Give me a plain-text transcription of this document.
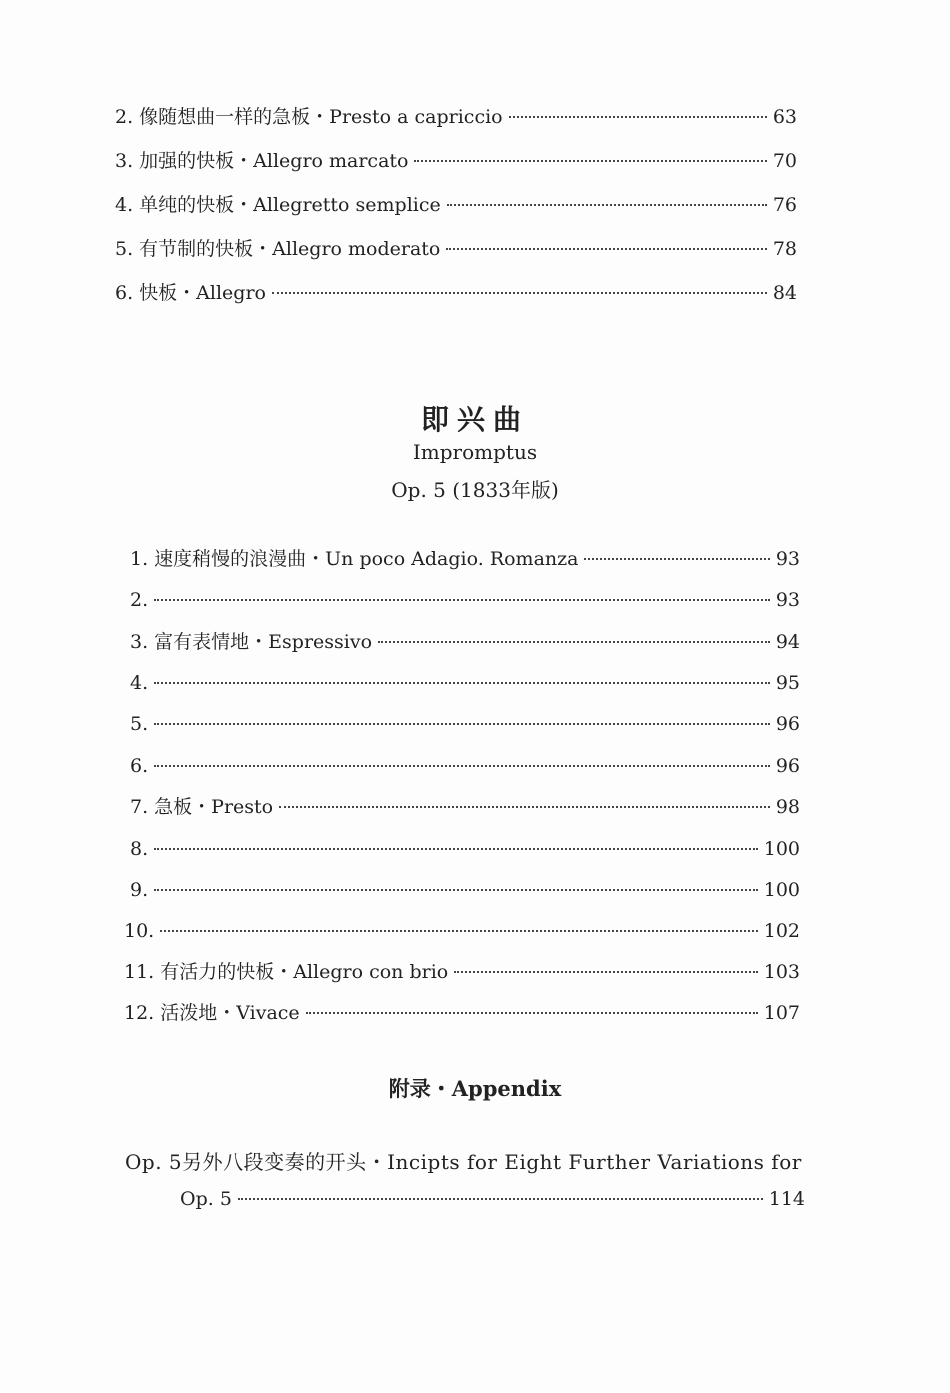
2. 像随想曲一样的急板・Presto a capriccio	63
3. 加强的快板・Allegro marcato	70
4. 单纯的快板・Allegretto semplice	76
5. 有节制的快板・Allegro moderato	78
6. 快板・Allegro	84
即兴曲
Impromptus
Op. 5 (1833年版)
1. 速度稍慢的浪漫曲・Un poco Adagio. Romanza	93
2.	93
3. 富有表情地・Espressivo	94
4.	95
5.	96
6.	96
7. 急板・Presto	98
8.	100
9.	100
10.	102
11. 有活力的快板・Allegro con brio	103
12. 活泼地・Vivace	107
附录・Appendix
Op. 5另外八段变奏的开头・Incipts for Eight Further Variations for
Op. 5	114
